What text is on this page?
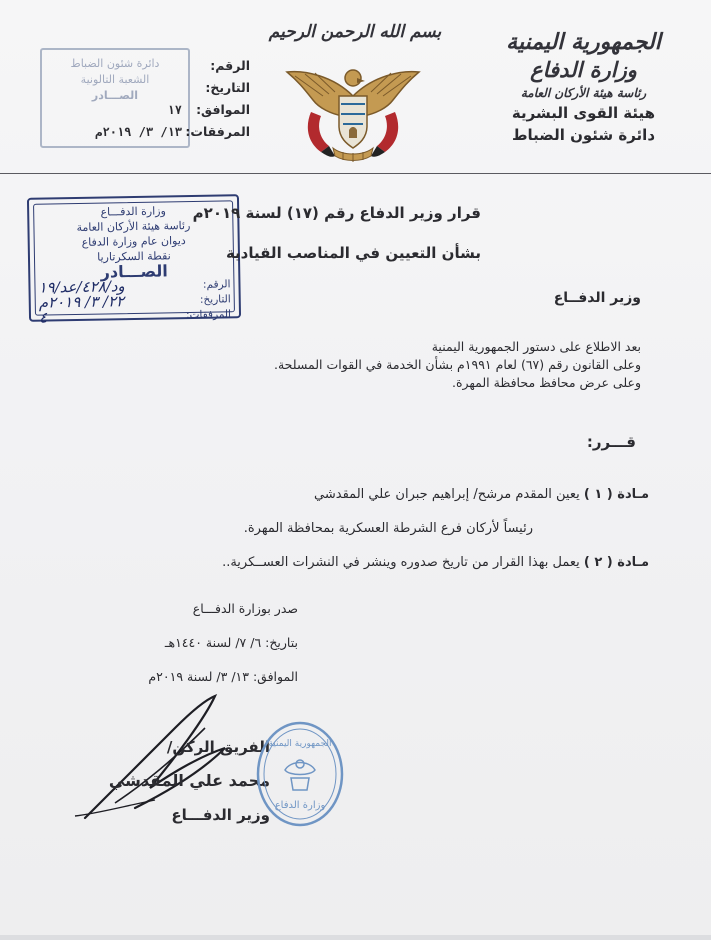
بسم الله الرحمن الرحيم	الجمهورية اليمنية
وزارة الدفاع
رئاسة هيئة الأركان العامة
هيئة القوى البشرية
دائرة شئون الضباط
دائرة شئون الضباط
الشعبة التالونية
الصـــادر
الرقم:
التاريخ:
الموافق:
١٧
المرفقات:
١٣/ ٣/ ٢٠١٩م
وزارة الدفـــاع
رئاسة هيئة الأركان العامة
ديوان عام وزارة الدفاع
نقطة السكرتاريا
الصـــادر
الرقم:
ود/٤٢٨/عد/١٩
التاريخ:
٢٢/ ٣/ ٢٠١٩م
المرفقات:
٤
قرار وزير الدفاع رقم (١٧) لسنة ٢٠١٩م
بشأن التعيين في المناصب القيادية
وزير الدفــاع
بعد الاطلاع على دستور الجمهورية اليمنية
وعلى القانون رقم (٦٧) لعام ١٩٩١م بشأن الخدمة في القوات المسلحة.
وعلى عرض محافظ محافظة المهرة.
قـــرر:
مـادة ( ١ ) يعين المقدم مرشح/ إبراهيم جبران علي المقدشي
رئيساً لأركان فرع الشرطة العسكرية بمحافظة المهرة.
مـادة ( ٢ ) يعمل بهذا القرار من تاريخ صدوره وينشر في النشرات العســكرية..
صدر بوزارة الدفـــاع
بتاريخ: ٦/ ٧/ لسنة ١٤٤٠هـ
الموافق: ١٣/ ٣/ لسنة ٢٠١٩م
الفريق الركن/
محمد علي المقدشي
وزير الدفـــاع
الجمهورية اليمنية
وزارة الدفاع
